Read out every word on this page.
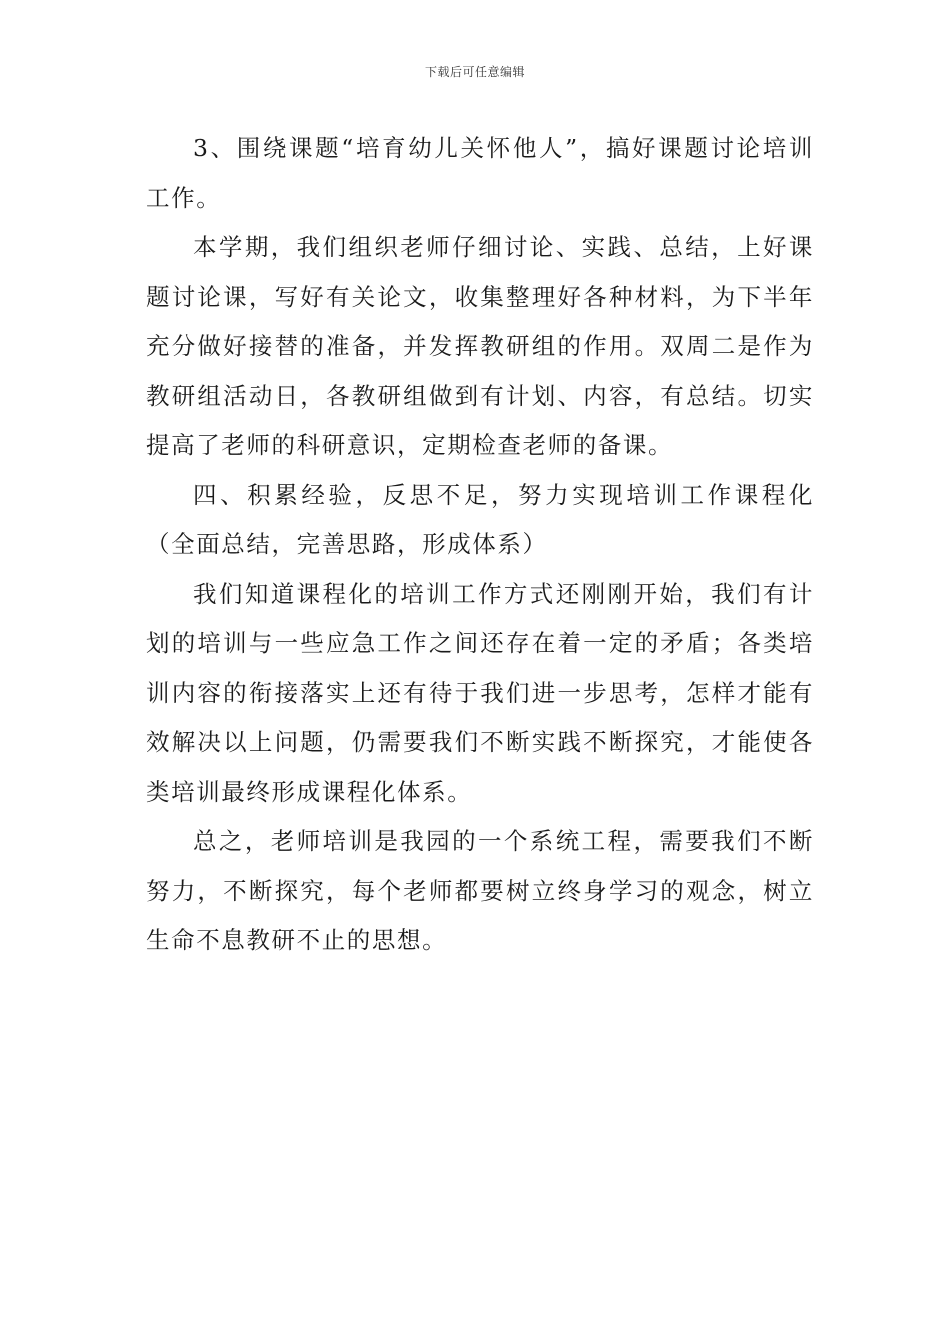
下载后可任意编辑

3、围绕课题“培育幼儿关怀他人”，搞好课题讨论培训工作。

本学期，我们组织老师仔细讨论、实践、总结，上好课题讨论课，写好有关论文，收集整理好各种材料，为下半年充分做好接替的准备，并发挥教研组的作用。双周二是作为教研组活动日，各教研组做到有计划、内容，有总结。切实提高了老师的科研意识，定期检查老师的备课。

四、积累经验，反思不足，努力实现培训工作课程化（全面总结，完善思路，形成体系）

我们知道课程化的培训工作方式还刚刚开始，我们有计划的培训与一些应急工作之间还存在着一定的矛盾；各类培训内容的衔接落实上还有待于我们进一步思考，怎样才能有效解决以上问题，仍需要我们不断实践不断探究，才能使各类培训最终形成课程化体系。

总之，老师培训是我园的一个系统工程，需要我们不断努力，不断探究，每个老师都要树立终身学习的观念，树立生命不息教研不止的思想。
